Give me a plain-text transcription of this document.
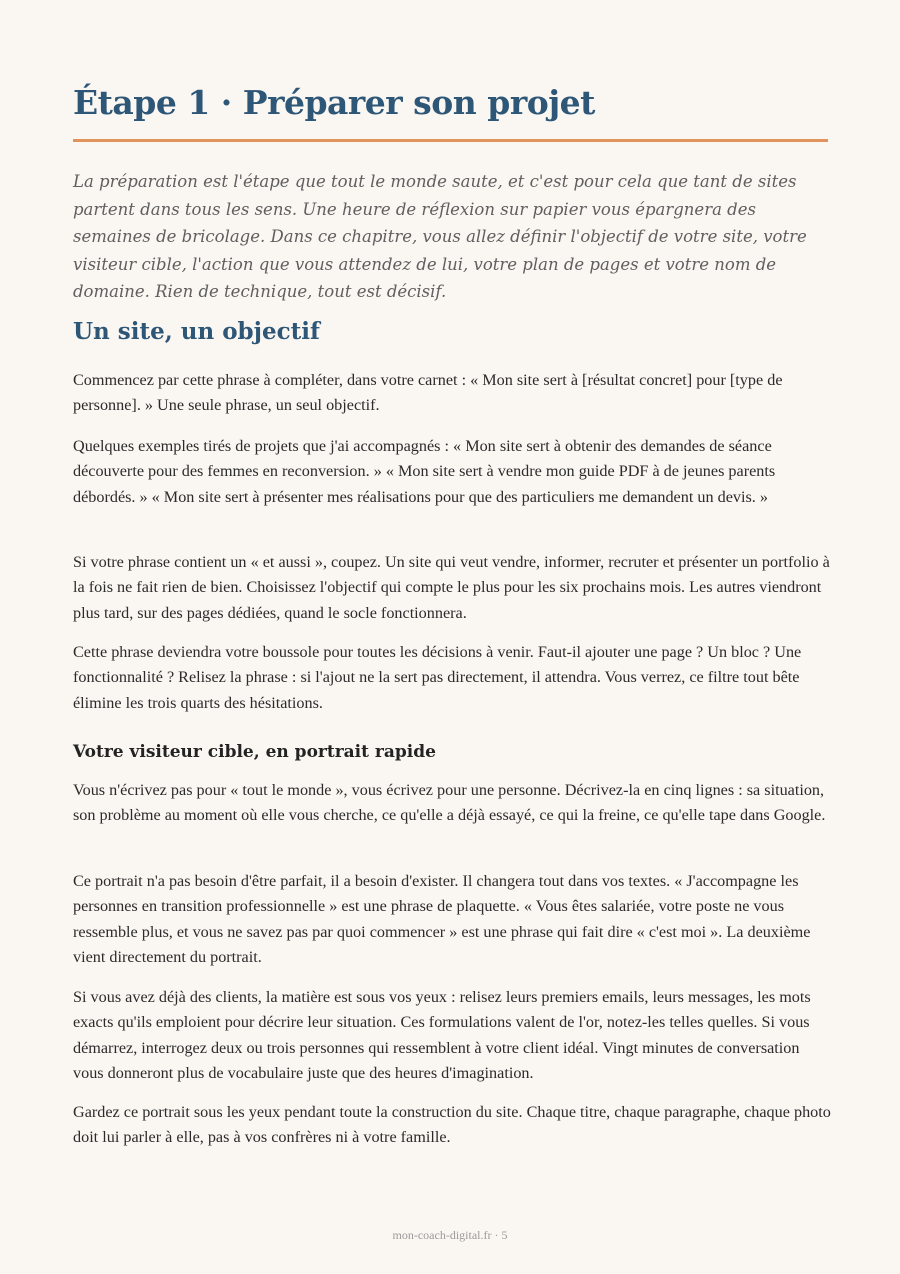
Étape 1 · Préparer son projet

La préparation est l'étape que tout le monde saute, et c'est pour cela que tant de sites partent dans tous les sens. Une heure de réflexion sur papier vous épargnera des semaines de bricolage. Dans ce chapitre, vous allez définir l'objectif de votre site, votre visiteur cible, l'action que vous attendez de lui, votre plan de pages et votre nom de domaine. Rien de technique, tout est décisif.

Un site, un objectif

Commencez par cette phrase à compléter, dans votre carnet : « Mon site sert à [résultat concret] pour [type de personne]. » Une seule phrase, un seul objectif.

Quelques exemples tirés de projets que j'ai accompagnés : « Mon site sert à obtenir des demandes de séance découverte pour des femmes en reconversion. » « Mon site sert à vendre mon guide PDF à de jeunes parents débordés. » « Mon site sert à présenter mes réalisations pour que des particuliers me demandent un devis. »

Si votre phrase contient un « et aussi », coupez. Un site qui veut vendre, informer, recruter et présenter un portfolio à la fois ne fait rien de bien. Choisissez l'objectif qui compte le plus pour les six prochains mois. Les autres viendront plus tard, sur des pages dédiées, quand le socle fonctionnera.

Cette phrase deviendra votre boussole pour toutes les décisions à venir. Faut-il ajouter une page ? Un bloc ? Une fonctionnalité ? Relisez la phrase : si l'ajout ne la sert pas directement, il attendra. Vous verrez, ce filtre tout bête élimine les trois quarts des hésitations.

Votre visiteur cible, en portrait rapide

Vous n'écrivez pas pour « tout le monde », vous écrivez pour une personne. Décrivez-la en cinq lignes : sa situation, son problème au moment où elle vous cherche, ce qu'elle a déjà essayé, ce qui la freine, ce qu'elle tape dans Google.

Ce portrait n'a pas besoin d'être parfait, il a besoin d'exister. Il changera tout dans vos textes. « J'accompagne les personnes en transition professionnelle » est une phrase de plaquette. « Vous êtes salariée, votre poste ne vous ressemble plus, et vous ne savez pas par quoi commencer » est une phrase qui fait dire « c'est moi ». La deuxième vient directement du portrait.

Si vous avez déjà des clients, la matière est sous vos yeux : relisez leurs premiers emails, leurs messages, les mots exacts qu'ils emploient pour décrire leur situation. Ces formulations valent de l'or, notez-les telles quelles. Si vous démarrez, interrogez deux ou trois personnes qui ressemblent à votre client idéal. Vingt minutes de conversation vous donneront plus de vocabulaire juste que des heures d'imagination.

Gardez ce portrait sous les yeux pendant toute la construction du site. Chaque titre, chaque paragraphe, chaque photo doit lui parler à elle, pas à vos confrères ni à votre famille.

mon-coach-digital.fr · 5
